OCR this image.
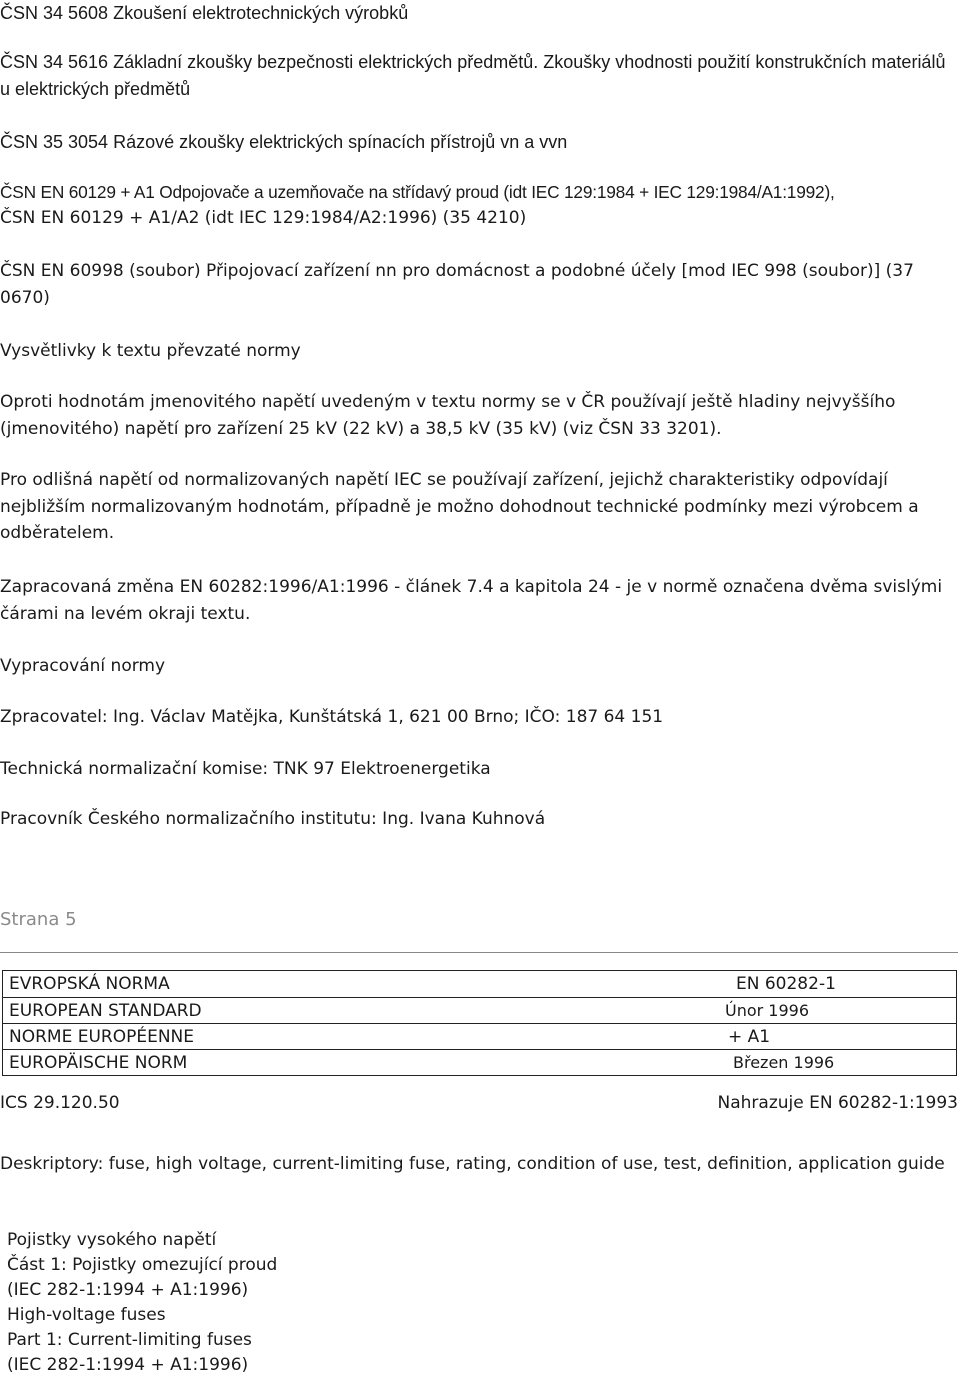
ČSN 34 5608 Zkoušení elektrotechnických výrobků

ČSN 34 5616 Základní zkoušky bezpečnosti elektrických předmětů. Zkoušky vhodnosti použití konstrukčních materiálů u elektrických předmětů

ČSN 35 3054 Rázové zkoušky elektrických spínacích přístrojů vn a vvn

ČSN EN 60129 + A1 Odpojovače a uzemňovače na střídavý proud (idt IEC 129:1984 + IEC 129:1984/A1:1992),

ČSN EN 60129 + A1/A2 (idt IEC 129:1984/A2:1996) (35 4210)

ČSN EN 60998 (soubor) Připojovací zařízení nn pro domácnost a podobné účely [mod IEC 998 (soubor)] (37 0670)

Vysvětlivky k textu převzaté normy

Oproti hodnotám jmenovitého napětí uvedeným v textu normy se v ČR používají ještě hladiny nejvyššího (jmenovitého) napětí pro zařízení 25 kV (22 kV) a 38,5 kV (35 kV) (viz ČSN 33 3201).

Pro odlišná napětí od normalizovaných napětí IEC se používají zařízení, jejichž charakteristiky odpovídají nejbližším normalizovaným hodnotám, případně je možno dohodnout technické podmínky mezi výrobcem a odběratelem.

Zapracovaná změna EN 60282:1996/A1:1996 - článek 7.4 a kapitola 24 - je v normě označena dvěma svislými čárami na levém okraji textu.

Vypracování normy

Zpracovatel: Ing. Václav Matějka, Kunštátská 1, 621 00 Brno; IČO: 187 64 151

Technická normalizační komise: TNK 97 Elektroenergetika

Pracovník Českého normalizačního institutu: Ing. Ivana Kuhnová

Strana 5

EVROPSKÁ NORMA	EN 60282-1
EUROPEAN STANDARD	Únor 1996
NORME EUROPÉENNE	+ A1
EUROPÄISCHE NORM	Březen 1996

ICS 29.120.50	Nahrazuje EN 60282-1:1993

Deskriptory: fuse, high voltage, current-limiting fuse, rating, condition of use, test, definition, application guide

Pojistky vysokého napětí
Část 1: Pojistky omezující proud
(IEC 282-1:1994 + A1:1996)
High-voltage fuses
Part 1: Current-limiting fuses
(IEC 282-1:1994 + A1:1996)
